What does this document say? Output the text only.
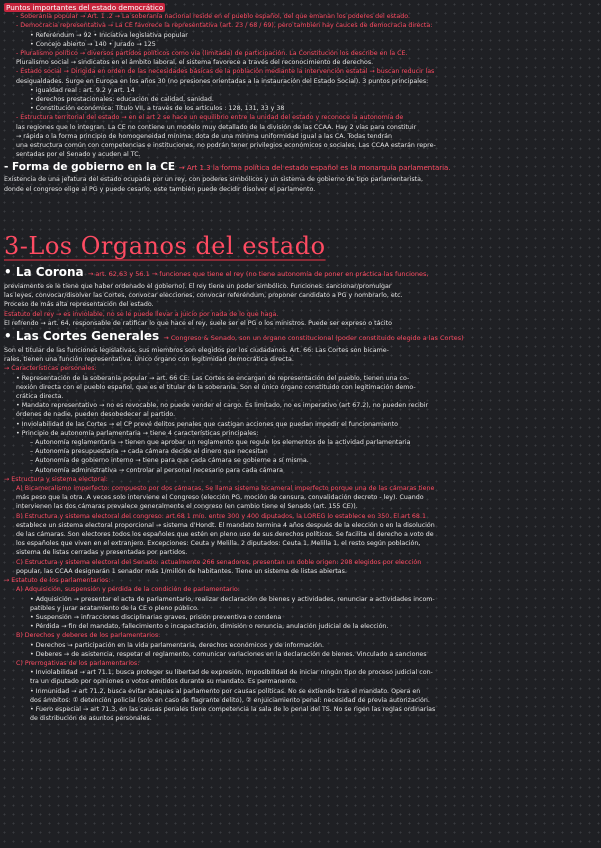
Puntos importantes del estado democrático
- Soberanía popular → Art. 1 .2 → La soberanía nacional reside en el pueblo español, del que emanan los poderes del estado.
- Democracia representativa → La CE favorece la representativa (art. 23 / 68 / 69), pero también hay cauces de democracia directa:
• Referéndum → 92 • Iniciativa legislativa popular
• Concejo abierto → 140 • Jurado → 125
- Pluralismo político → diversos partidos políticos como vía (limitada) de participación. La Constitución los describe en la CE.
Pluralismo social → sindicatos en el ámbito laboral, el sistema favorece a través del reconocimiento de derechos.
- Estado social → Dirigida en orden de las necesidades básicas de la población mediante la intervención estatal → buscan reducir las
desigualdades. Surge en Europa en los años 30 (no presiones orientadas a la instauración del Estado Social). 3 puntos principales:
• igualdad real : art. 9.2 y art. 14
• derechos prestacionales: educación de calidad, sanidad.
• Constitución económica: Título VII, a través de los artículos : 128, 131, 33 y 38
- Estructura territorial del estado → en el art 2 se hace un equilibrio entre la unidad del estado y reconoce la autonomía de
las regiones que lo integran. La CE no contiene un modelo muy detallado de la división de las CCAA. Hay 2 vías para constituir
→ rápida o la forma principio de homogeneidad mínima: dota de una mínima uniformidad igual a las CA. Todas tendrán
una estructura común con competencias e instituciones, no podrán tener privilegios económicos o sociales. Las CCAA estarán repre-
sentadas por el Senado y acuden al TC.
- Forma de gobierno en la CE → Art 1.3 la forma política del estado español es la monarquía parlamentaria.
Existencia de una jefatura del estado ocupada por un rey, con poderes simbólicos y un sistema de gobierno de tipo parlamentarista,
donde el congreso elige al PG y puede cesarlo, este también puede decidir disolver el parlamento.
3-Los Organos del estado
• La Corona → art. 62,63 y 56.1 → funciones que tiene el rey (no tiene autonomía de poner en práctica las funciones,
previamente se le tiene que haber ordenado el gobierno). El rey tiene un poder simbólico. Funciones: sancionar/promulgar
las leyes, convocar/disolver las Cortes, convocar elecciones, convocar referéndum, proponer candidato a PG y nombrarlo, etc.
Proceso de más alta representación del estado.
Estatuto del rey → es inviolable, no se le puede llevar a juicio por nada de lo que haga.
El refrendo → art. 64, responsable de ratificar lo que hace el rey, suele ser el PG o los ministros. Puede ser expreso o tácito
• Las Cortes Generales → Congreso & Senado, son un órgano constitucional (poder constituido elegido a las Cortes)
Son el titular de las funciones legislativas, sus miembros son elegidos por los ciudadanos. Art. 66: Las Cortes son bicame-
rales, tienen una función representativa. Único órgano con legitimidad democrática directa.
→ Características personales:
• Representación de la soberanía popular → art. 66 CE: Las Cortes se encargan de representación del pueblo, tienen una co-
nexión directa con el pueblo español, que es el titular de la soberanía. Son el único órgano constituido con legitimación demo-
crática directa.
• Mandato representativo → no es revocable, no puede vender el cargo. Es limitado, no es imperativo (art 67.2), no pueden recibir
órdenes de nadie, pueden desobedecer al partido.
• Inviolabilidad de las Cortes → el CP prevé delitos penales que castigan acciones que puedan impedir el funcionamiento
• Principio de autonomía parlamentaria → tiene 4 características principales:
– Autonomía reglamentaria → tienen que aprobar un reglamento que regule los elementos de la actividad parlamentaria
– Autonomía presupuestaria → cada cámara decide el dinero que necesitan
– Autonomía de gobierno interno → tiene para que cada cámara se gobierne a sí misma.
– Autonomía administrativa → controlar al personal necesario para cada cámara
→ Estructura y sistema electoral:
A) Bicameralismo imperfecto: compuesto por dos cámaras. Se llama sistema bicameral imperfecto porque una de las cámaras tiene
más peso que la otra. A veces solo interviene el Congreso (elección PG, moción de censura, convalidación decreto - ley). Cuando
intervienen las dos cámaras prevalece generalmente el congreso (en cambio tiene el Senado (art. 155 CE)).
B) Estructura y sistema electoral del congreso: art 68 1 mín. entre 300 y 400 diputados, la LOREG lo establece en 350. El art 68.1
establece un sistema electoral proporcional → sistema d'Hondt. El mandato termina 4 años después de la elección o en la disolución
de las cámaras. Son electores todos los españoles que estén en pleno uso de sus derechos políticos. Se facilita el derecho a voto de
los españoles que viven en el extranjero. Excepciones: Ceuta y Melilla. 2 diputados: Ceuta 1, Melilla 1, el resto según población,
sistema de listas cerradas y presentadas por partidos.
C) Estructura y sistema electoral del Senado: actualmente 266 senadores, presentan un doble origen: 208 elegidos por elección
popular, las CCAA designarán 1 senador más 1/millón de habitantes. Tiene un sistema de listas abiertas.
→ Estatuto de los parlamentarios:
A) Adquisición, suspensión y pérdida de la condición de parlamentario:
• Adquisición → presentar el acta de parlamentario, realizar declaración de bienes y actividades, renunciar a actividades incom-
patibles y jurar acatamiento de la CE o pleno público.
• Suspensión → infracciones disciplinarias graves, prisión preventiva o condena
• Pérdida → fin del mandato, fallecimiento o incapacitación, dimisión o renuncia, anulación judicial de la elección.
B) Derechos y deberes de los parlamentarios:
• Derechos → participación en la vida parlamentaria, derechos económicos y de información.
• Deberes → de asistencia, respetar el reglamento, comunicar variaciones en la declaración de bienes. Vinculado a sanciones
C) Prerrogativas de los parlamentarios:
• Inviolabilidad → art 71.1, busca proteger su libertad de expresión, imposibilidad de iniciar ningún tipo de proceso judicial con-
tra un diputado por opiniones o votos emitidos durante su mandato. Es permanente.
• Inmunidad → art 71.2, busca evitar ataques al parlamento por causas políticas. No se extiende tras el mandato. Opera en
dos ámbitos: ① detención policial (solo en caso de flagrante delito), ② enjuiciamiento penal: necesidad de previa autorización.
• Fuero especial → art 71.3, en las causas penales tiene competencia la sala de lo penal del TS. No se rigen las reglas ordinarias
de distribución de asuntos personales.
